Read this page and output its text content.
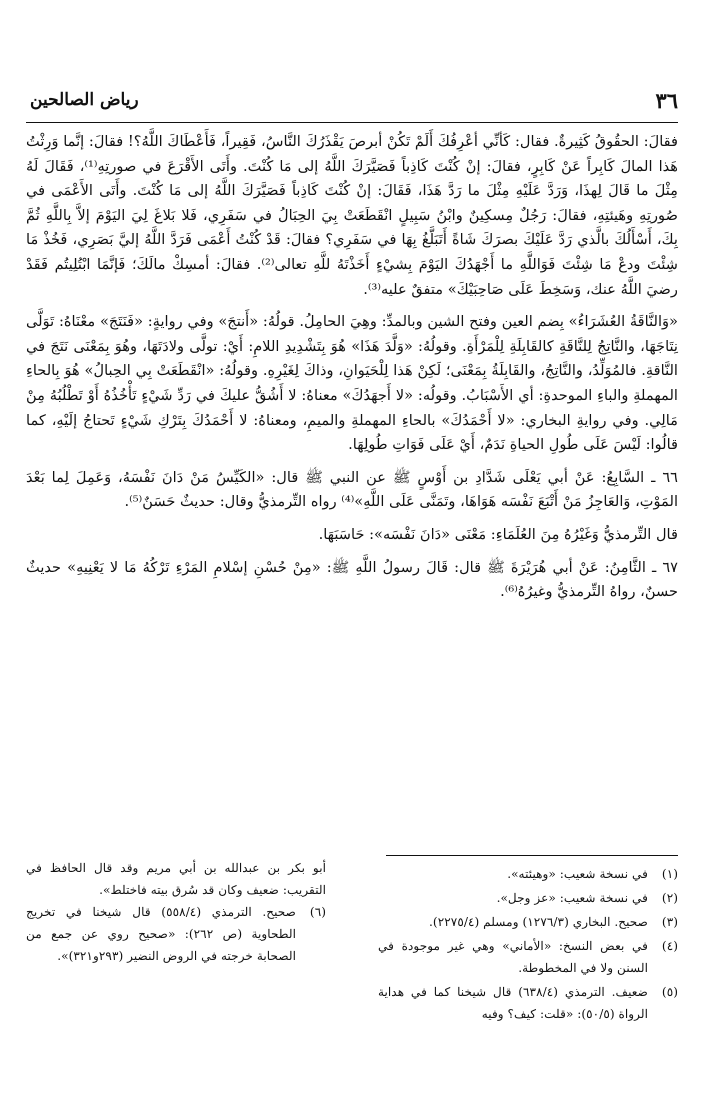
٣٦
رياض الصالحين

فقالَ: الحقُوقُ كَثِيرةٌ. فقال: كَأنِّي أعْرِفُكَ أَلَمْ تَكُنْ أبرصَ يَقْذَرُكَ النَّاسُ، فَقِيراً، فَأَعْطَاكَ اللَّهُ؟! فقالَ: إنَّما وَرِثْتُ هَذا المالَ كَابِراً عَنْ كَابِرٍ، فقالَ: إنْ كُنْتَ كَاذِباً فَصَيَّرَكَ اللَّهُ إلى مَا كُنْتَ. وأَتَى الأَقْرَعَ في صورتِهِ⁽¹⁾، فَقَالَ لَهُ مِثْلَ ما قَالَ لِهذَا، وَرَدَّ عَلَيْهِ مِثْلَ ما رَدَّ هَذَا، فَقَالَ: إنْ كُنْتَ كَاذِباً فَصَيَّرَكَ اللَّهُ إلى مَا كُنْتَ. وأَتَى الأَعْمَى في صُورتِهِ وهَيئتِهِ، فقالَ: رَجُلٌ مِسكِينٌ وابْنُ سَبِيلٍ انْقَطَعَتْ بِيَ الحِبَالُ في سَفَرِي، فَلا بَلاغَ لِيَ اليَوْمَ إلاَّ بِاللَّهِ ثُمَّ بِكَ، أَسْأَلُكَ بالَّذي رَدَّ عَلَيْكَ بصرَكَ شَاةً أَتَبَلَّغُ بِهَا في سَفَرِي؟ فقالَ: قَدْ كُنْتُ أَعْمَى فَرَدَّ اللَّهُ إليَّ بَصَرِي، فَخُذْ مَا شِئْتَ ودعْ مَا شِئْتَ فَوَاللَّهِ ما أَجْهَدُكَ اليَوْمَ بِشيْءٍ أَخَذْتَهُ للَّهِ تعالى⁽²⁾. فقالَ: أمسِكْ مالَكَ؛ فَإنَّمَا ابْتُلِيتُم فَقَدْ رضيَ اللَّهُ عنك، وَسَخِطَ عَلَى صَاحِبَيْكَ» متفقٌ عليه⁽³⁾.

«وَالنَّاقَةُ العُشَرَاءُ» بِضم العين وفتح الشين وبالمدِّ: وهِيَ الحامِلُ. قولُهُ: «أَنتجَ» وفي روايةٍ: «فَنَتَجَ» معْنَاهُ: تَوَلَّى نِتَاجَهَا، والنَّاتِجُ لِلنَّاقَةِ كالقَابِلَةِ لِلْمَرْأَةِ. وقولُهُ: «وَلَّدَ هَذَا» هُوَ بِتَشْدِيدِ اللامِ: أَيْ: تولَّى ولادَتَهَا، وهُوَ بِمَعْنَى نَتَجَ في النَّاقةِ. فالمُوَلِّدُ، والنَّاتِجُ، والقَابِلَةُ بِمَعْنَى؛ لَكِنْ هَذا لِلْحَيَوانِ، وذاكَ لِغَيْرِهِ. وقولُهُ: «انْقَطَعَتْ بِي الحِبالُ» هُوَ بِالحاءِ المهملةِ والباءِ الموحدةِ: أي الأَسْبَابُ. وقولُه: «لا أَجهَدُكَ» معناهُ: لا أَشُقُّ عليكَ في رَدِّ شَيْءٍ تَأْخُذُهُ أَوْ تَطْلُبُهُ مِنْ مَالِي. وفي روايةِ البخاري: «لا أَحْمَدُكَ» بالحاءِ المهملةِ والميمِ، ومعناهُ: لا أَحْمَدُكَ بِتَرْكِ شَيْءٍ تَحتاجُ إلَيْهِ، كما قالُوا: لَيْسَ عَلَى طُولِ الحياةِ نَدَمٌ، أَيْ عَلَى فَوَاتِ طُولِهَا.

٦٦ ـ السَّابِعُ: عَنْ أبي يَعْلَى شَدَّادِ بن أَوْسٍ ﷺ عن النبي ﷺ قال: «الكَيِّسُ مَنْ دَانَ نَفْسَهُ، وَعَمِلَ لِما بَعْدَ المَوْتِ، وَالعَاجِزُ مَنْ أَتْبَعَ نَفْسَه هَوَاهَا، وتَمَنَّى عَلَى اللَّهِ»⁽⁴⁾ رواه التِّرمذيُّ وقال: حديثٌ حَسَنٌ⁽⁵⁾.

قال التِّرمذيُّ وَغَيْرُهُ مِنَ العُلَمَاءِ: مَعْنَى «دَانَ نَفْسَه»: حَاسَبَهَا.

٦٧ ـ الثَّامِنُ: عَنْ أبي هُرَيْرَةَ ﷺ قال: قَالَ رسولُ اللَّهِ ﷺ: «مِنْ حُسْنِ إسْلامِ المَرْءِ تَرْكُهُ مَا لا يَعْنِيهِ» حديثٌ حسنٌ، رواهُ التِّرمذيُّ وغيرُهُ⁽⁶⁾.

(١)
في نسخة شعيب: «وهيئته».
(٢)
في نسخة شعيب: «عز وجل».
(٣)
صحيح. البخاري (١٢٧٦/٣) ومسلم (٢٢٧٥/٤).
(٤)
في بعض النسخ: «الأماني» وهي غير موجودة في السنن ولا في المخطوطة.
(٥)
ضعيف. الترمذي (٦٣٨/٤) قال شيخنا كما في هداية الرواة (٥٠/٥): «قلت: كيف؟ وفيه
أبو بكر بن عبدالله بن أبي مريم وقد قال الحافظ في التقريب: ضعيف وكان قد سُرق بيته فاختلط».
(٦)
صحيح. الترمذي (٥٥٨/٤) قال شيخنا في تخريج الطحاوية (ص ٢٦٢): «صحيح روي عن جمع من الصحابة خرجته في الروض النضير (٢٩٣و٣٢١)».
